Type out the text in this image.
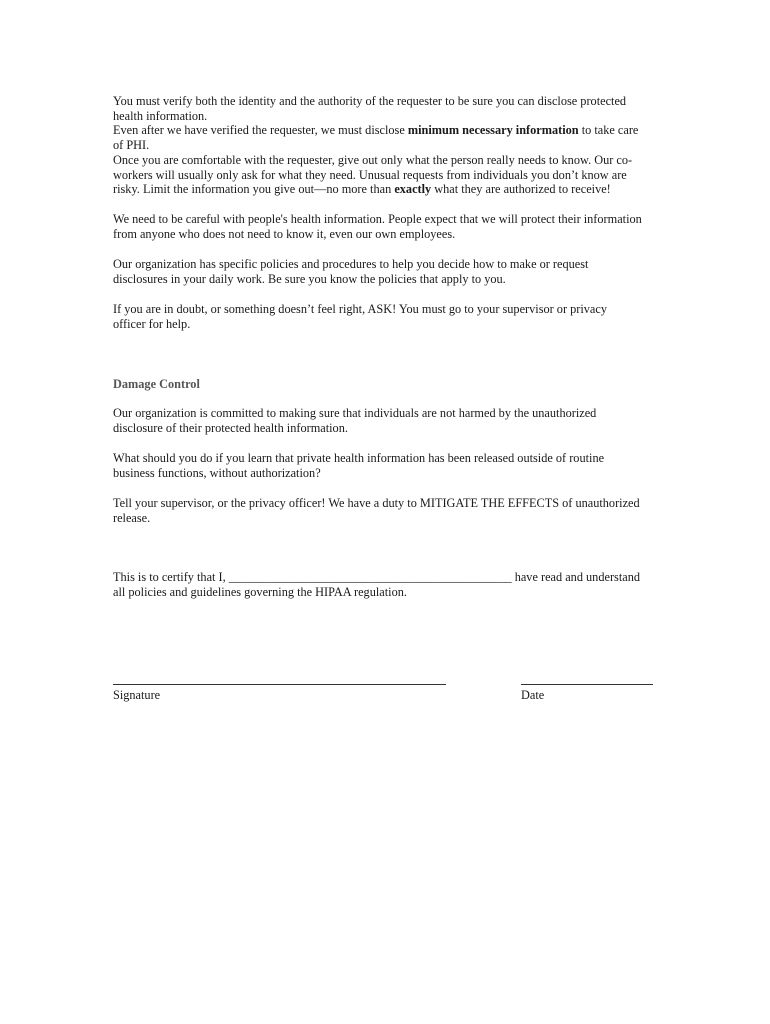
You must verify both the identity and the authority of the requester to be sure you can disclose protected
health information.
Even after we have verified the requester, we must disclose minimum necessary information to take care
of PHI.
Once you are comfortable with the requester, give out only what the person really needs to know. Our co-
workers will usually only ask for what they need. Unusual requests from individuals you don’t know are
risky. Limit the information you give out—no more than exactly what they are authorized to receive!

We need to be careful with people's health information. People expect that we will protect their information
from anyone who does not need to know it, even our own employees.

Our organization has specific policies and procedures to help you decide how to make or request
disclosures in your daily work. Be sure you know the policies that apply to you.

If you are in doubt, or something doesn’t feel right, ASK! You must go to your supervisor or privacy
officer for help.

Damage Control

Our organization is committed to making sure that individuals are not harmed by the unauthorized
disclosure of their protected health information.

What should you do if you learn that private health information has been released outside of routine
business functions, without authorization?

Tell your supervisor, or the privacy officer! We have a duty to MITIGATE THE EFFECTS of unauthorized
release.

This is to certify that I, ______________________________________________ have read and understand
all policies and guidelines governing the HIPAA regulation.

Signature	Date
